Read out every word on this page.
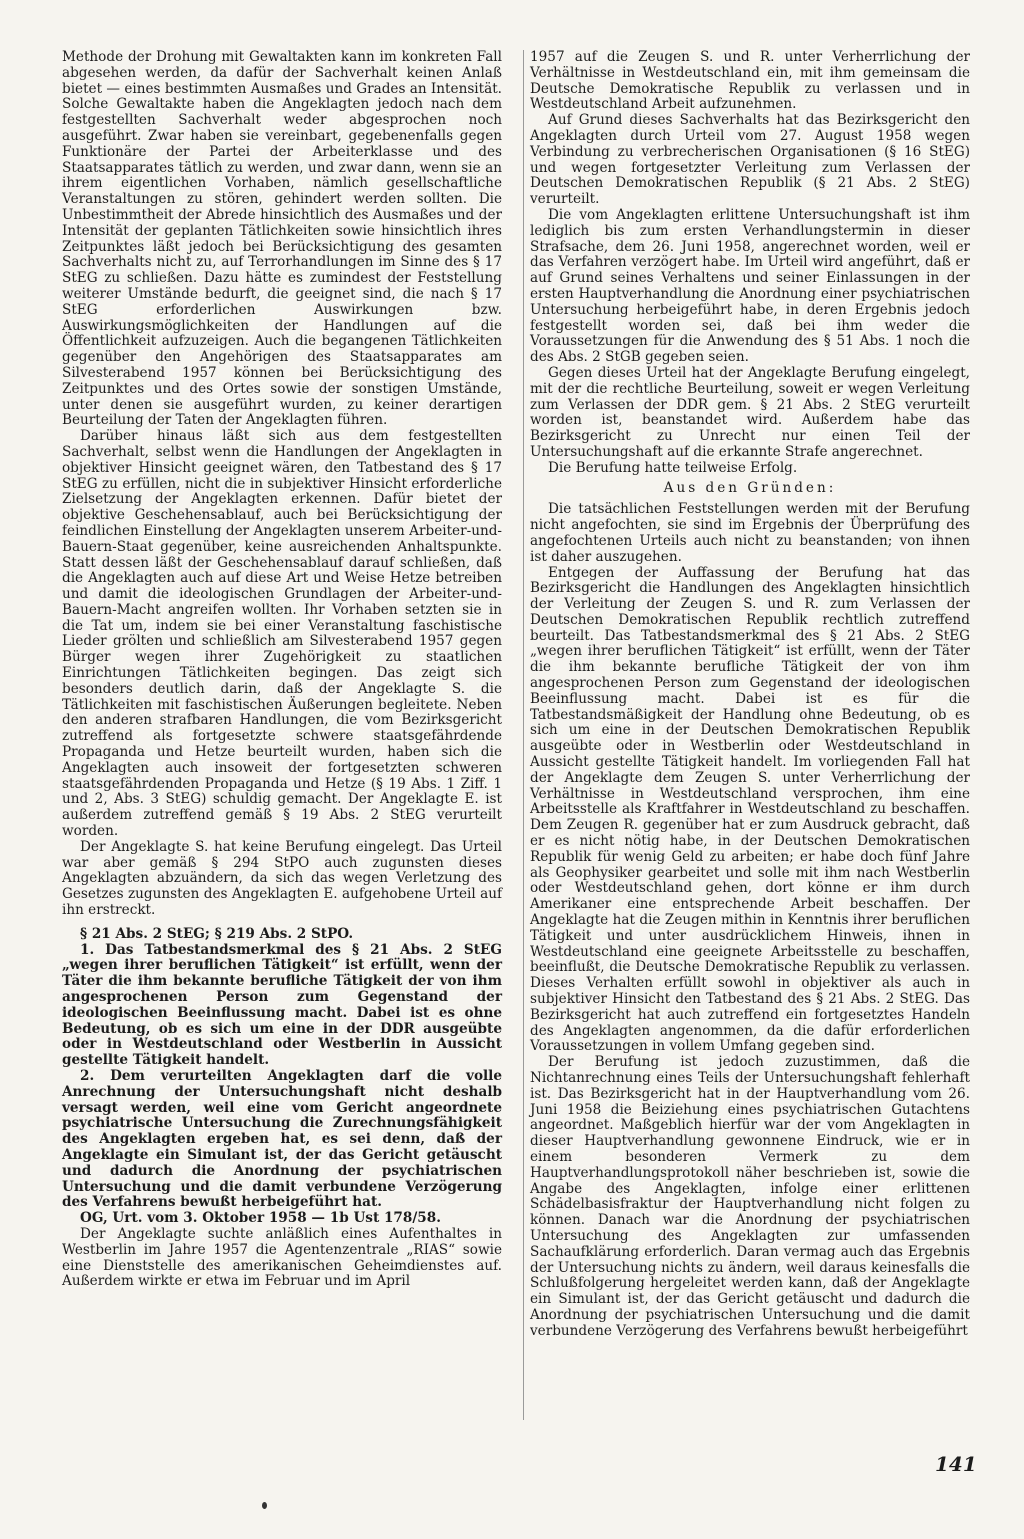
Methode der Drohung mit Gewaltakten kann im konkreten Fall abgesehen werden, da dafür der Sachverhalt keinen Anlaß bietet — eines bestimmten Ausmaßes und Grades an Intensität. Solche Gewaltakte haben die Angeklagten jedoch nach dem festgestellten Sachverhalt weder abgesprochen noch ausgeführt. Zwar haben sie vereinbart, gegebenenfalls gegen Funktionäre der Partei der Arbeiterklasse und des Staatsapparates tätlich zu werden, und zwar dann, wenn sie an ihrem eigentlichen Vorhaben, nämlich gesellschaftliche Veranstaltungen zu stören, gehindert werden sollten. Die Unbestimmtheit der Abrede hinsichtlich des Ausmaßes und der Intensität der geplanten Tätlichkeiten sowie hinsichtlich ihres Zeitpunktes läßt jedoch bei Berücksichtigung des gesamten Sachverhalts nicht zu, auf Terrorhandlungen im Sinne des § 17 StEG zu schließen. Dazu hätte es zumindest der Feststellung weiterer Umstände bedurft, die geeignet sind, die nach § 17 StEG erforderlichen Auswirkungen bzw. Auswirkungsmöglichkeiten der Handlungen auf die Öffentlichkeit aufzuzeigen. Auch die begangenen Tätlichkeiten gegenüber den Angehörigen des Staatsapparates am Silvesterabend 1957 können bei Berücksichtigung des Zeitpunktes und des Ortes sowie der sonstigen Umstände, unter denen sie ausgeführt wurden, zu keiner derartigen Beurteilung der Taten der Angeklagten führen.

Darüber hinaus läßt sich aus dem festgestellten Sachverhalt, selbst wenn die Handlungen der Angeklagten in objektiver Hinsicht geeignet wären, den Tatbestand des § 17 StEG zu erfüllen, nicht die in subjektiver Hinsicht erforderliche Zielsetzung der Angeklagten erkennen. Dafür bietet der objektive Geschehensablauf, auch bei Berücksichtigung der feindlichen Einstellung der Angeklagten unserem Arbeiter-und-Bauern-Staat gegenüber, keine ausreichenden Anhaltspunkte. Statt dessen läßt der Geschehensablauf darauf schließen, daß die Angeklagten auch auf diese Art und Weise Hetze betreiben und damit die ideologischen Grundlagen der Arbeiter-und-Bauern-Macht angreifen wollten. Ihr Vorhaben setzten sie in die Tat um, indem sie bei einer Veranstaltung faschistische Lieder grölten und schließlich am Silvesterabend 1957 gegen Bürger wegen ihrer Zugehörigkeit zu staatlichen Einrichtungen Tätlichkeiten begingen. Das zeigt sich besonders deutlich darin, daß der Angeklagte S. die Tätlichkeiten mit faschistischen Äußerungen begleitete. Neben den anderen strafbaren Handlungen, die vom Bezirksgericht zutreffend als fortgesetzte schwere staatsgefährdende Propaganda und Hetze beurteilt wurden, haben sich die Angeklagten auch insoweit der fortgesetzten schweren staatsgefährdenden Propaganda und Hetze (§ 19 Abs. 1 Ziff. 1 und 2, Abs. 3 StEG) schuldig gemacht. Der Angeklagte E. ist außerdem zutreffend gemäß § 19 Abs. 2 StEG verurteilt worden.

Der Angeklagte S. hat keine Berufung eingelegt. Das Urteil war aber gemäß § 294 StPO auch zugunsten dieses Angeklagten abzuändern, da sich das wegen Verletzung des Gesetzes zugunsten des Angeklagten E. aufgehobene Urteil auf ihn erstreckt.

§ 21 Abs. 2 StEG; § 219 Abs. 2 StPO.

1. Das Tatbestandsmerkmal des § 21 Abs. 2 StEG „wegen ihrer beruflichen Tätigkeit“ ist erfüllt, wenn der Täter die ihm bekannte berufliche Tätigkeit der von ihm angesprochenen Person zum Gegenstand der ideologischen Beeinflussung macht. Dabei ist es ohne Bedeutung, ob es sich um eine in der DDR ausgeübte oder in Westdeutschland oder Westberlin in Aussicht gestellte Tätigkeit handelt.

2. Dem verurteilten Angeklagten darf die volle Anrechnung der Untersuchungshaft nicht deshalb versagt werden, weil eine vom Gericht angeordnete psychiatrische Untersuchung die Zurechnungsfähigkeit des Angeklagten ergeben hat, es sei denn, daß der Angeklagte ein Simulant ist, der das Gericht getäuscht und dadurch die Anordnung der psychiatrischen Untersuchung und die damit verbundene Verzögerung des Verfahrens bewußt herbeigeführt hat.

OG, Urt. vom 3. Oktober 1958 — 1b Ust 178/58.

Der Angeklagte suchte anläßlich eines Aufenthaltes in Westberlin im Jahre 1957 die Agentenzentrale „RIAS“ sowie eine Dienststelle des amerikanischen Geheimdienstes auf. Außerdem wirkte er etwa im Februar und im April

1957 auf die Zeugen S. und R. unter Verherrlichung der Verhältnisse in Westdeutschland ein, mit ihm gemeinsam die Deutsche Demokratische Republik zu verlassen und in Westdeutschland Arbeit aufzunehmen.

Auf Grund dieses Sachverhalts hat das Bezirksgericht den Angeklagten durch Urteil vom 27. August 1958 wegen Verbindung zu verbrecherischen Organisationen (§ 16 StEG) und wegen fortgesetzter Verleitung zum Verlassen der Deutschen Demokratischen Republik (§ 21 Abs. 2 StEG) verurteilt.

Die vom Angeklagten erlittene Untersuchungshaft ist ihm lediglich bis zum ersten Verhandlungstermin in dieser Strafsache, dem 26. Juni 1958, angerechnet worden, weil er das Verfahren verzögert habe. Im Urteil wird angeführt, daß er auf Grund seines Verhaltens und seiner Einlassungen in der ersten Hauptverhandlung die Anordnung einer psychiatrischen Untersuchung herbeigeführt habe, in deren Ergebnis jedoch festgestellt worden sei, daß bei ihm weder die Voraussetzungen für die Anwendung des § 51 Abs. 1 noch die des Abs. 2 StGB gegeben seien.

Gegen dieses Urteil hat der Angeklagte Berufung eingelegt, mit der die rechtliche Beurteilung, soweit er wegen Verleitung zum Verlassen der DDR gem. § 21 Abs. 2 StEG verurteilt worden ist, beanstandet wird. Außerdem habe das Bezirksgericht zu Unrecht nur einen Teil der Untersuchungshaft auf die erkannte Strafe angerechnet.

Die Berufung hatte teilweise Erfolg.

Aus den Gründen:

Die tatsächlichen Feststellungen werden mit der Berufung nicht angefochten, sie sind im Ergebnis der Überprüfung des angefochtenen Urteils auch nicht zu beanstanden; von ihnen ist daher auszugehen.

Entgegen der Auffassung der Berufung hat das Bezirksgericht die Handlungen des Angeklagten hinsichtlich der Verleitung der Zeugen S. und R. zum Verlassen der Deutschen Demokratischen Republik rechtlich zutreffend beurteilt. Das Tatbestandsmerkmal des § 21 Abs. 2 StEG „wegen ihrer beruflichen Tätigkeit“ ist erfüllt, wenn der Täter die ihm bekannte berufliche Tätigkeit der von ihm angesprochenen Person zum Gegenstand der ideologischen Beeinflussung macht. Dabei ist es für die Tatbestandsmäßigkeit der Handlung ohne Bedeutung, ob es sich um eine in der Deutschen Demokratischen Republik ausgeübte oder in Westberlin oder Westdeutschland in Aussicht gestellte Tätigkeit handelt. Im vorliegenden Fall hat der Angeklagte dem Zeugen S. unter Verherrlichung der Verhältnisse in Westdeutschland versprochen, ihm eine Arbeitsstelle als Kraftfahrer in Westdeutschland zu beschaffen. Dem Zeugen R. gegenüber hat er zum Ausdruck gebracht, daß er es nicht nötig habe, in der Deutschen Demokratischen Republik für wenig Geld zu arbeiten; er habe doch fünf Jahre als Geophysiker gearbeitet und solle mit ihm nach Westberlin oder Westdeutschland gehen, dort könne er ihm durch Amerikaner eine entsprechende Arbeit beschaffen. Der Angeklagte hat die Zeugen mithin in Kenntnis ihrer beruflichen Tätigkeit und unter ausdrücklichem Hinweis, ihnen in Westdeutschland eine geeignete Arbeitsstelle zu beschaffen, beeinflußt, die Deutsche Demokratische Republik zu verlassen. Dieses Verhalten erfüllt sowohl in objektiver als auch in subjektiver Hinsicht den Tatbestand des § 21 Abs. 2 StEG. Das Bezirksgericht hat auch zutreffend ein fortgesetztes Handeln des Angeklagten angenommen, da die dafür erforderlichen Voraussetzungen in vollem Umfang gegeben sind.

Der Berufung ist jedoch zuzustimmen, daß die Nichtanrechnung eines Teils der Untersuchungshaft fehlerhaft ist. Das Bezirksgericht hat in der Hauptverhandlung vom 26. Juni 1958 die Beiziehung eines psychiatrischen Gutachtens angeordnet. Maßgeblich hierfür war der vom Angeklagten in dieser Hauptverhandlung gewonnene Eindruck, wie er in einem besonderen Vermerk zu dem Hauptverhandlungsprotokoll näher beschrieben ist, sowie die Angabe des Angeklagten, infolge einer erlittenen Schädelbasisfraktur der Hauptverhandlung nicht folgen zu können. Danach war die Anordnung der psychiatrischen Untersuchung des Angeklagten zur umfassenden Sachaufklärung erforderlich. Daran vermag auch das Ergebnis der Untersuchung nichts zu ändern, weil daraus keinesfalls die Schlußfolgerung hergeleitet werden kann, daß der Angeklagte ein Simulant ist, der das Gericht getäuscht und dadurch die Anordnung der psychiatrischen Untersuchung und die damit verbundene Verzögerung des Verfahrens bewußt herbeigeführt

141
